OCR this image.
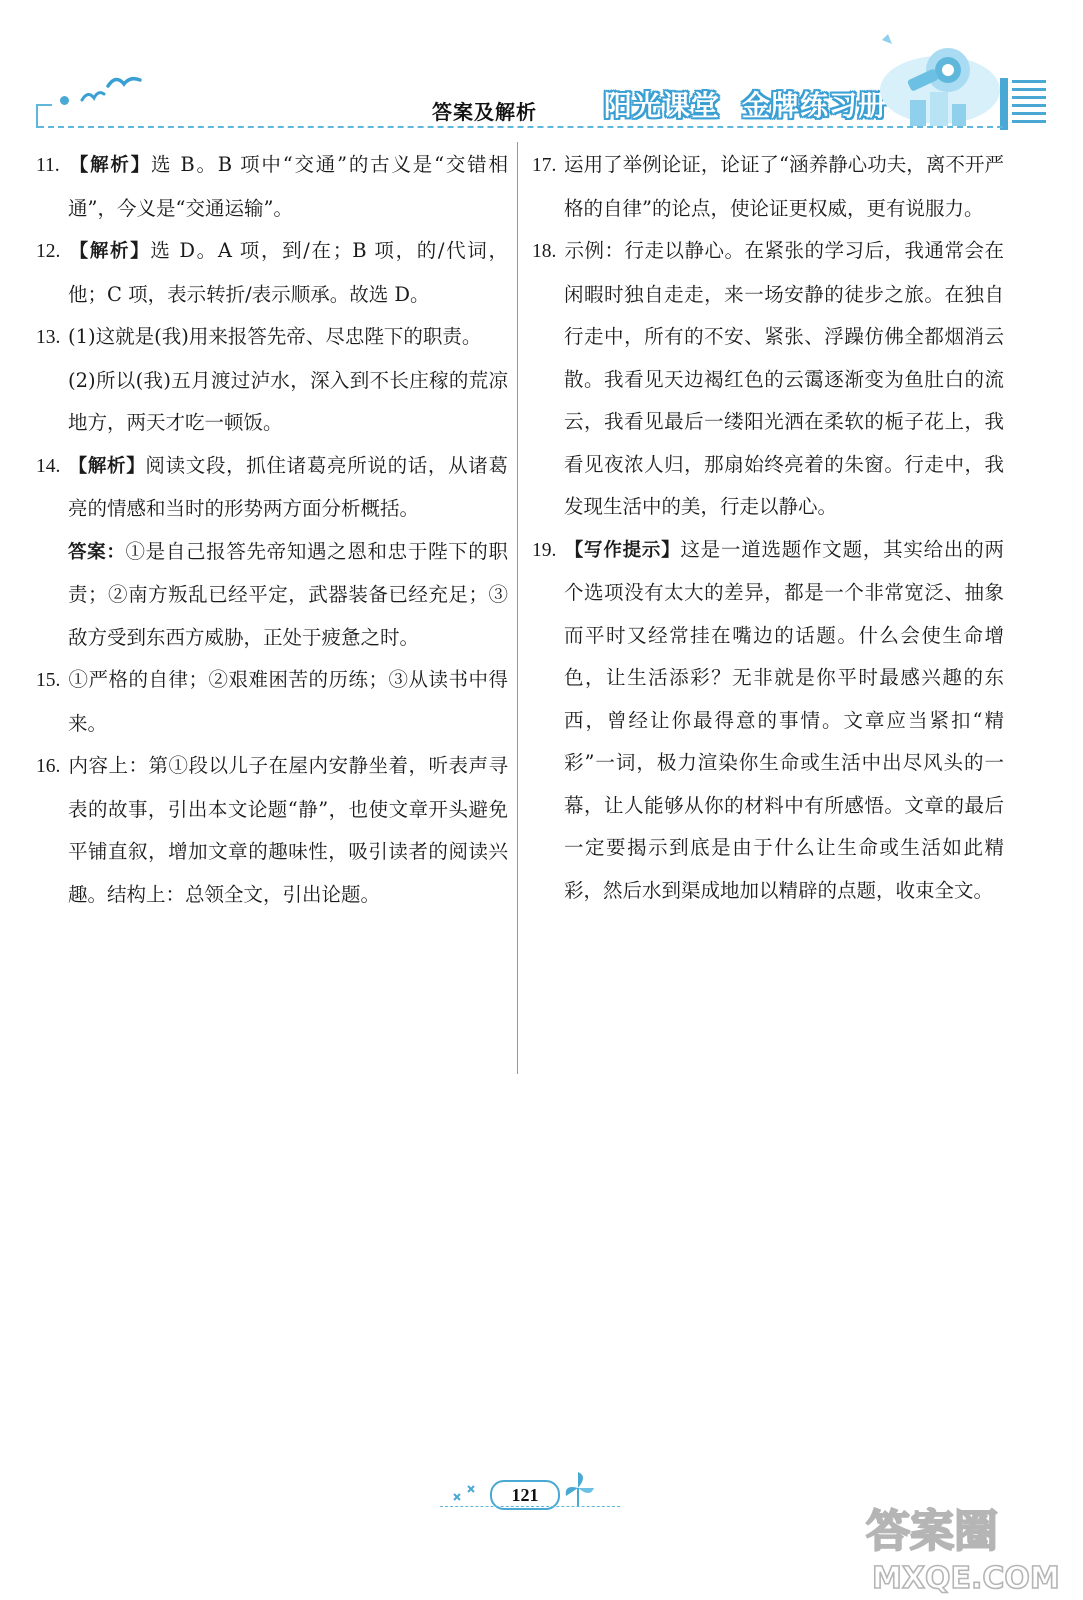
答案及解析 阳光课堂 金牌练习册

11. 【解析】选 B。B 项中“交通”的古义是“交错相通”，今义是“交通运输”。

12. 【解析】选 D。A 项，到/在；B 项，的/代词，他；C 项，表示转折/表示顺承。故选 D。

13. (1)这就是(我)用来报答先帝、尽忠陛下的职责。

(2)所以(我)五月渡过泸水，深入到不长庄稼的荒凉地方，两天才吃一顿饭。

14. 【解析】阅读文段，抓住诸葛亮所说的话，从诸葛亮的情感和当时的形势两方面分析概括。

答案：①是自己报答先帝知遇之恩和忠于陛下的职责；②南方叛乱已经平定，武器装备已经充足；③敌方受到东西方威胁，正处于疲惫之时。

15. ①严格的自律；②艰难困苦的历练；③从读书中得来。

16. 内容上：第①段以儿子在屋内安静坐着，听表声寻表的故事，引出本文论题“静”，也使文章开头避免平铺直叙，增加文章的趣味性，吸引读者的阅读兴趣。结构上：总领全文，引出论题。

17. 运用了举例论证，论证了“涵养静心功夫，离不开严格的自律”的论点，使论证更权威，更有说服力。

18. 示例：行走以静心。在紧张的学习后，我通常会在闲暇时独自走走，来一场安静的徒步之旅。在独自行走中，所有的不安、紧张、浮躁仿佛全都烟消云散。我看见天边褐红色的云霭逐渐变为鱼肚白的流云，我看见最后一缕阳光洒在柔软的栀子花上，我看见夜浓人归，那扇始终亮着的朱窗。行走中，我发现生活中的美，行走以静心。

19. 【写作提示】这是一道选题作文题，其实给出的两个选项没有太大的差异，都是一个非常宽泛、抽象而平时又经常挂在嘴边的话题。什么会使生命增色，让生活添彩？无非就是你平时最感兴趣的东西，曾经让你最得意的事情。文章应当紧扣“精彩”一词，极力渲染你生命或生活中出尽风头的一幕，让人能够从你的材料中有所感悟。文章的最后一定要揭示到底是由于什么让生命或生活如此精彩，然后水到渠成地加以精辟的点题，收束全文。

121
答案圈
MXQE.COM
